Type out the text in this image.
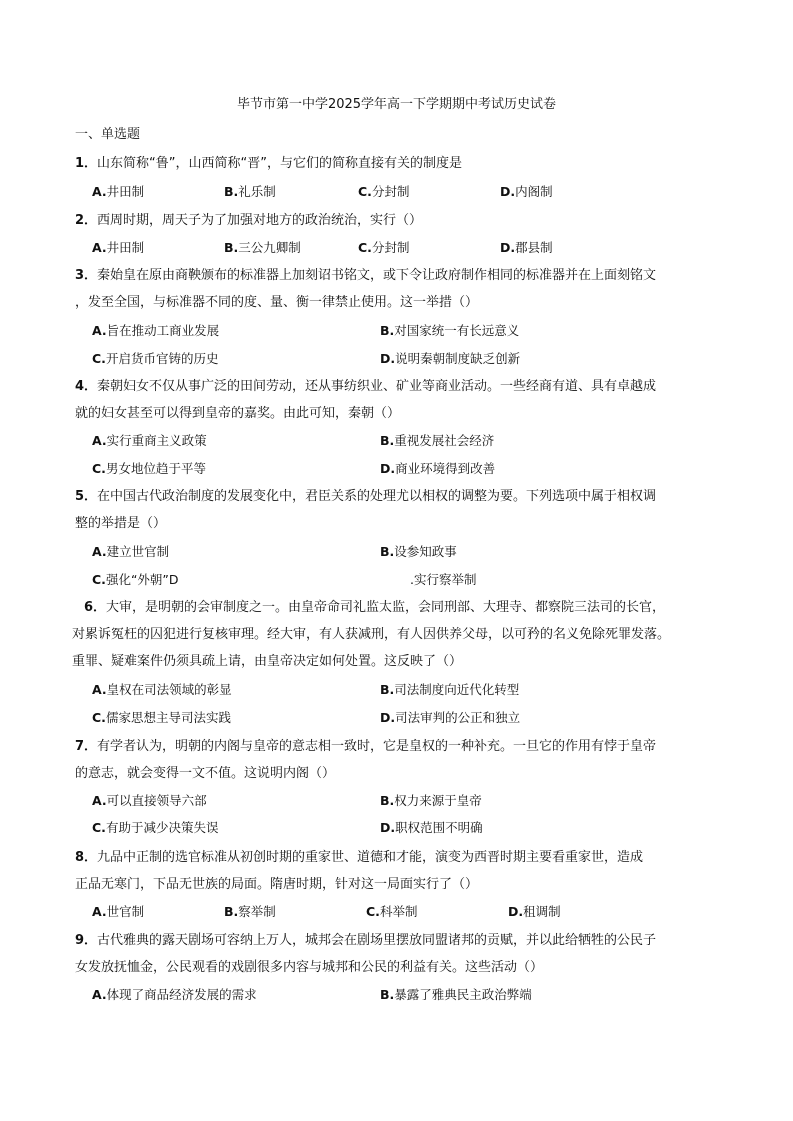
毕节市第一中学2025学年高一下学期期中考试历史试卷
一、单选题
1．山东简称“鲁”，山西简称“晋”，与它们的简称直接有关的制度是
A.井田制	B.礼乐制	C.分封制	D.内阁制
2．西周时期，周天子为了加强对地方的政治统治，实行（）
A.井田制	B.三公九卿制	C.分封制	D.郡县制
3．秦始皇在原由商鞅颁布的标准器上加刻诏书铭文，或下令让政府制作相同的标准器并在上面刻铭文
，发至全国，与标准器不同的度、量、衡一律禁止使用。这一举措（）
A.旨在推动工商业发展	B.对国家统一有长远意义
C.开启货币官铸的历史	D.说明秦朝制度缺乏创新
4．秦朝妇女不仅从事广泛的田间劳动，还从事纺织业、矿业等商业活动。一些经商有道、具有卓越成
就的妇女甚至可以得到皇帝的嘉奖。由此可知，秦朝（）
A.实行重商主义政策	B.重视发展社会经济
C.男女地位趋于平等	D.商业环境得到改善
5．在中国古代政治制度的发展变化中，君臣关系的处理尤以相权的调整为要。下列选项中属于相权调
整的举措是（）
A.建立世官制	B.设参知政事
C.强化“外朝”D	.实行察举制
6．大审，是明朝的会审制度之一。由皇帝命司礼监太监，会同刑部、大理寺、都察院三法司的长官，
对累诉冤枉的囚犯进行复核审理。经大审，有人获减刑，有人因供养父母，以可矜的名义免除死罪发落。
重罪、疑难案件仍须具疏上请，由皇帝决定如何处置。这反映了（）
A.皇权在司法领域的彰显	B.司法制度向近代化转型
C.儒家思想主导司法实践	D.司法审判的公正和独立
7．有学者认为，明朝的内阁与皇帝的意志相一致时，它是皇权的一种补充。一旦它的作用有悖于皇帝
的意志，就会变得一文不值。这说明内阁（）
A.可以直接领导六部	B.权力来源于皇帝
C.有助于减少决策失误	D.职权范围不明确
8．九品中正制的选官标准从初创时期的重家世、道德和才能，演变为西晋时期主要看重家世，造成
正品无寒门，下品无世族的局面。隋唐时期，针对这一局面实行了（）
A.世官制	B.察举制	C.科举制	D.租调制
9．古代雅典的露天剧场可容纳上万人，城邦会在剧场里摆放同盟诸邦的贡赋，并以此给牺牲的公民子
女发放抚恤金，公民观看的戏剧很多内容与城邦和公民的利益有关。这些活动（）
A.体现了商品经济发展的需求	B.暴露了雅典民主政治弊端
